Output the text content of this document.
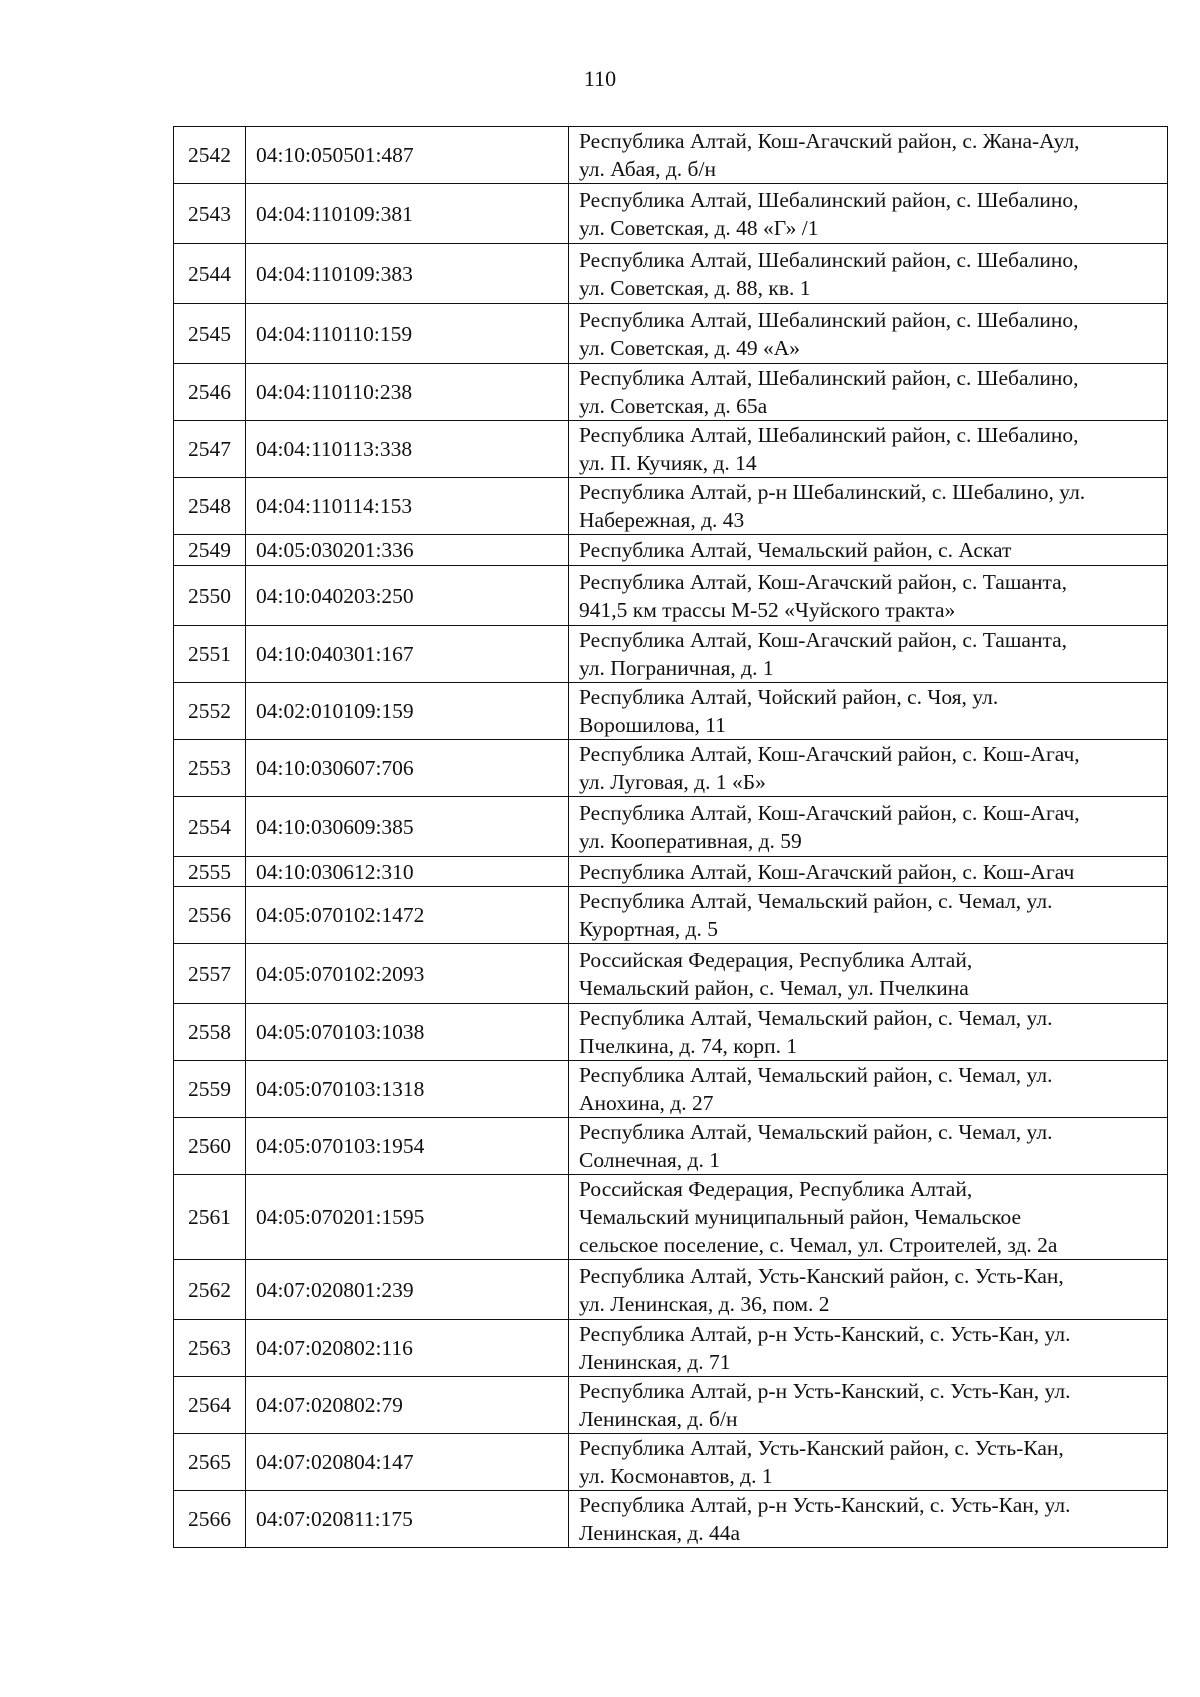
110
2542	04:10:050501:487	Республика Алтай, Кош-Агачский район, с. Жана-Аул,
ул. Абая, д. б/н

2543	04:04:110109:381	Республика Алтай, Шебалинский район, с. Шебалино,
ул. Советская, д. 48 «Г» /1

2544	04:04:110109:383	Республика Алтай, Шебалинский район, с. Шебалино,
ул. Советская, д. 88, кв. 1

2545	04:04:110110:159	Республика Алтай, Шебалинский район, с. Шебалино,
ул. Советская, д. 49 «А»

2546	04:04:110110:238	Республика Алтай, Шебалинский район, с. Шебалино,
ул. Советская, д. 65а

2547	04:04:110113:338	Республика Алтай, Шебалинский район, с. Шебалино,
ул. П. Кучияк, д. 14

2548	04:04:110114:153	Республика Алтай, р-н Шебалинский, с. Шебалино, ул.
Набережная, д. 43

2549	04:05:030201:336	Республика Алтай, Чемальский район, с. Аскат

2550	04:10:040203:250	Республика Алтай, Кош-Агачский район, с. Ташанта,
941,5 км трассы М-52 «Чуйского тракта»

2551	04:10:040301:167	Республика Алтай, Кош-Агачский район, с. Ташанта,
ул. Пограничная, д. 1

2552	04:02:010109:159	Республика Алтай, Чойский район, с. Чоя, ул.
Ворошилова, 11

2553	04:10:030607:706	Республика Алтай, Кош-Агачский район, с. Кош-Агач,
ул. Луговая, д. 1 «Б»

2554	04:10:030609:385	Республика Алтай, Кош-Агачский район, с. Кош-Агач,
ул. Кооперативная, д. 59

2555	04:10:030612:310	Республика Алтай, Кош-Агачский район, с. Кош-Агач

2556	04:05:070102:1472	Республика Алтай, Чемальский район, с. Чемал, ул.
Курортная, д. 5

2557	04:05:070102:2093	Российская Федерация, Республика Алтай,
Чемальский район, с. Чемал, ул. Пчелкина

2558	04:05:070103:1038	Республика Алтай, Чемальский район, с. Чемал, ул.
Пчелкина, д. 74, корп. 1

2559	04:05:070103:1318	Республика Алтай, Чемальский район, с. Чемал, ул.
Анохина, д. 27

2560	04:05:070103:1954	Республика Алтай, Чемальский район, с. Чемал, ул.
Солнечная, д. 1

2561	04:05:070201:1595	Российская Федерация, Республика Алтай,
Чемальский муниципальный район, Чемальское
сельское поселение, с. Чемал, ул. Строителей, зд. 2а

2562	04:07:020801:239	Республика Алтай, Усть-Канский район, с. Усть-Кан,
ул. Ленинская, д. 36, пом. 2

2563	04:07:020802:116	Республика Алтай, р-н Усть-Канский, с. Усть-Кан, ул.
Ленинская, д. 71

2564	04:07:020802:79	Республика Алтай, р-н Усть-Канский, с. Усть-Кан, ул.
Ленинская, д. б/н

2565	04:07:020804:147	Республика Алтай, Усть-Канский район, с. Усть-Кан,
ул. Космонавтов, д. 1

2566	04:07:020811:175	Республика Алтай, р-н Усть-Канский, с. Усть-Кан, ул.
Ленинская, д. 44а
